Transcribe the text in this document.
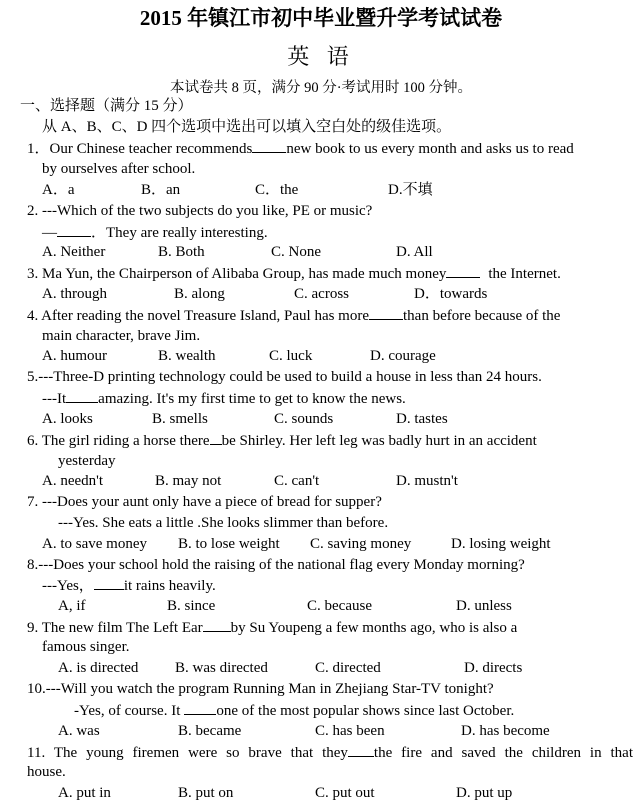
2015 年镇江市初中毕业暨升学考试试卷
英 语
本试卷共 8 页，满分 90 分·考试用时 100 分钟。
一、选择题（满分 15 分）
从 A、B、C、D 四个选项中选出可以填入空白处的级佳选项。
1．Our Chinese teacher recommends new book to us every month and asks us to read
by ourselves after school.
A．a	B．an	C．the	D.不填
2. ---Which of the two subjects do you like, PE or music?
— ．They are really interesting.
A. Neither	B. Both	C. None	D. All
3. Ma Yun, the Chairperson of Alibaba Group, has made much money	the Internet.
A. through	B. along	C. across	D．towards
4. After reading the novel Treasure Island, Paul has more than before because of the
main character, brave Jim.
A. humour	B. wealth	C. luck	D. courage
5.---Three-D printing technology could be used to build a house in less than 24 hours.
---It amazing. It's my first time to get to know the news.
A. looks	B. smells	C. sounds	D. tastes
6. The girl riding a horse there be Shirley. Her left leg was badly hurt in an accident
yesterday
A. needn't	B. may not	C. can't	D. mustn't
7. ---Does your aunt only have a piece of bread for supper?
---Yes. She eats a little .She looks slimmer than before.
A. to save money B. to lose weight C. saving money	D. losing weight
8.---Does your school hold the raising of the national flag every Monday morning?
---Yes， it rains heavily.
A, if	B. since	C. because	D. unless
9. The new film The Left Ear by Su Youpeng a few months ago, who is also a
famous singer.
A. is directed B. was directed	C. directed	D. directs
10.---Will you watch the program Running Man in Zhejiang Star-TV tonight?
-Yes, of course. It one of the most popular shows since last October.
A. was	B. became	C. has been	D. has become
11. The young firemen were so brave that they the fire and saved the children in that
house.
A. put in	B. put on	C. put out	D. put up
